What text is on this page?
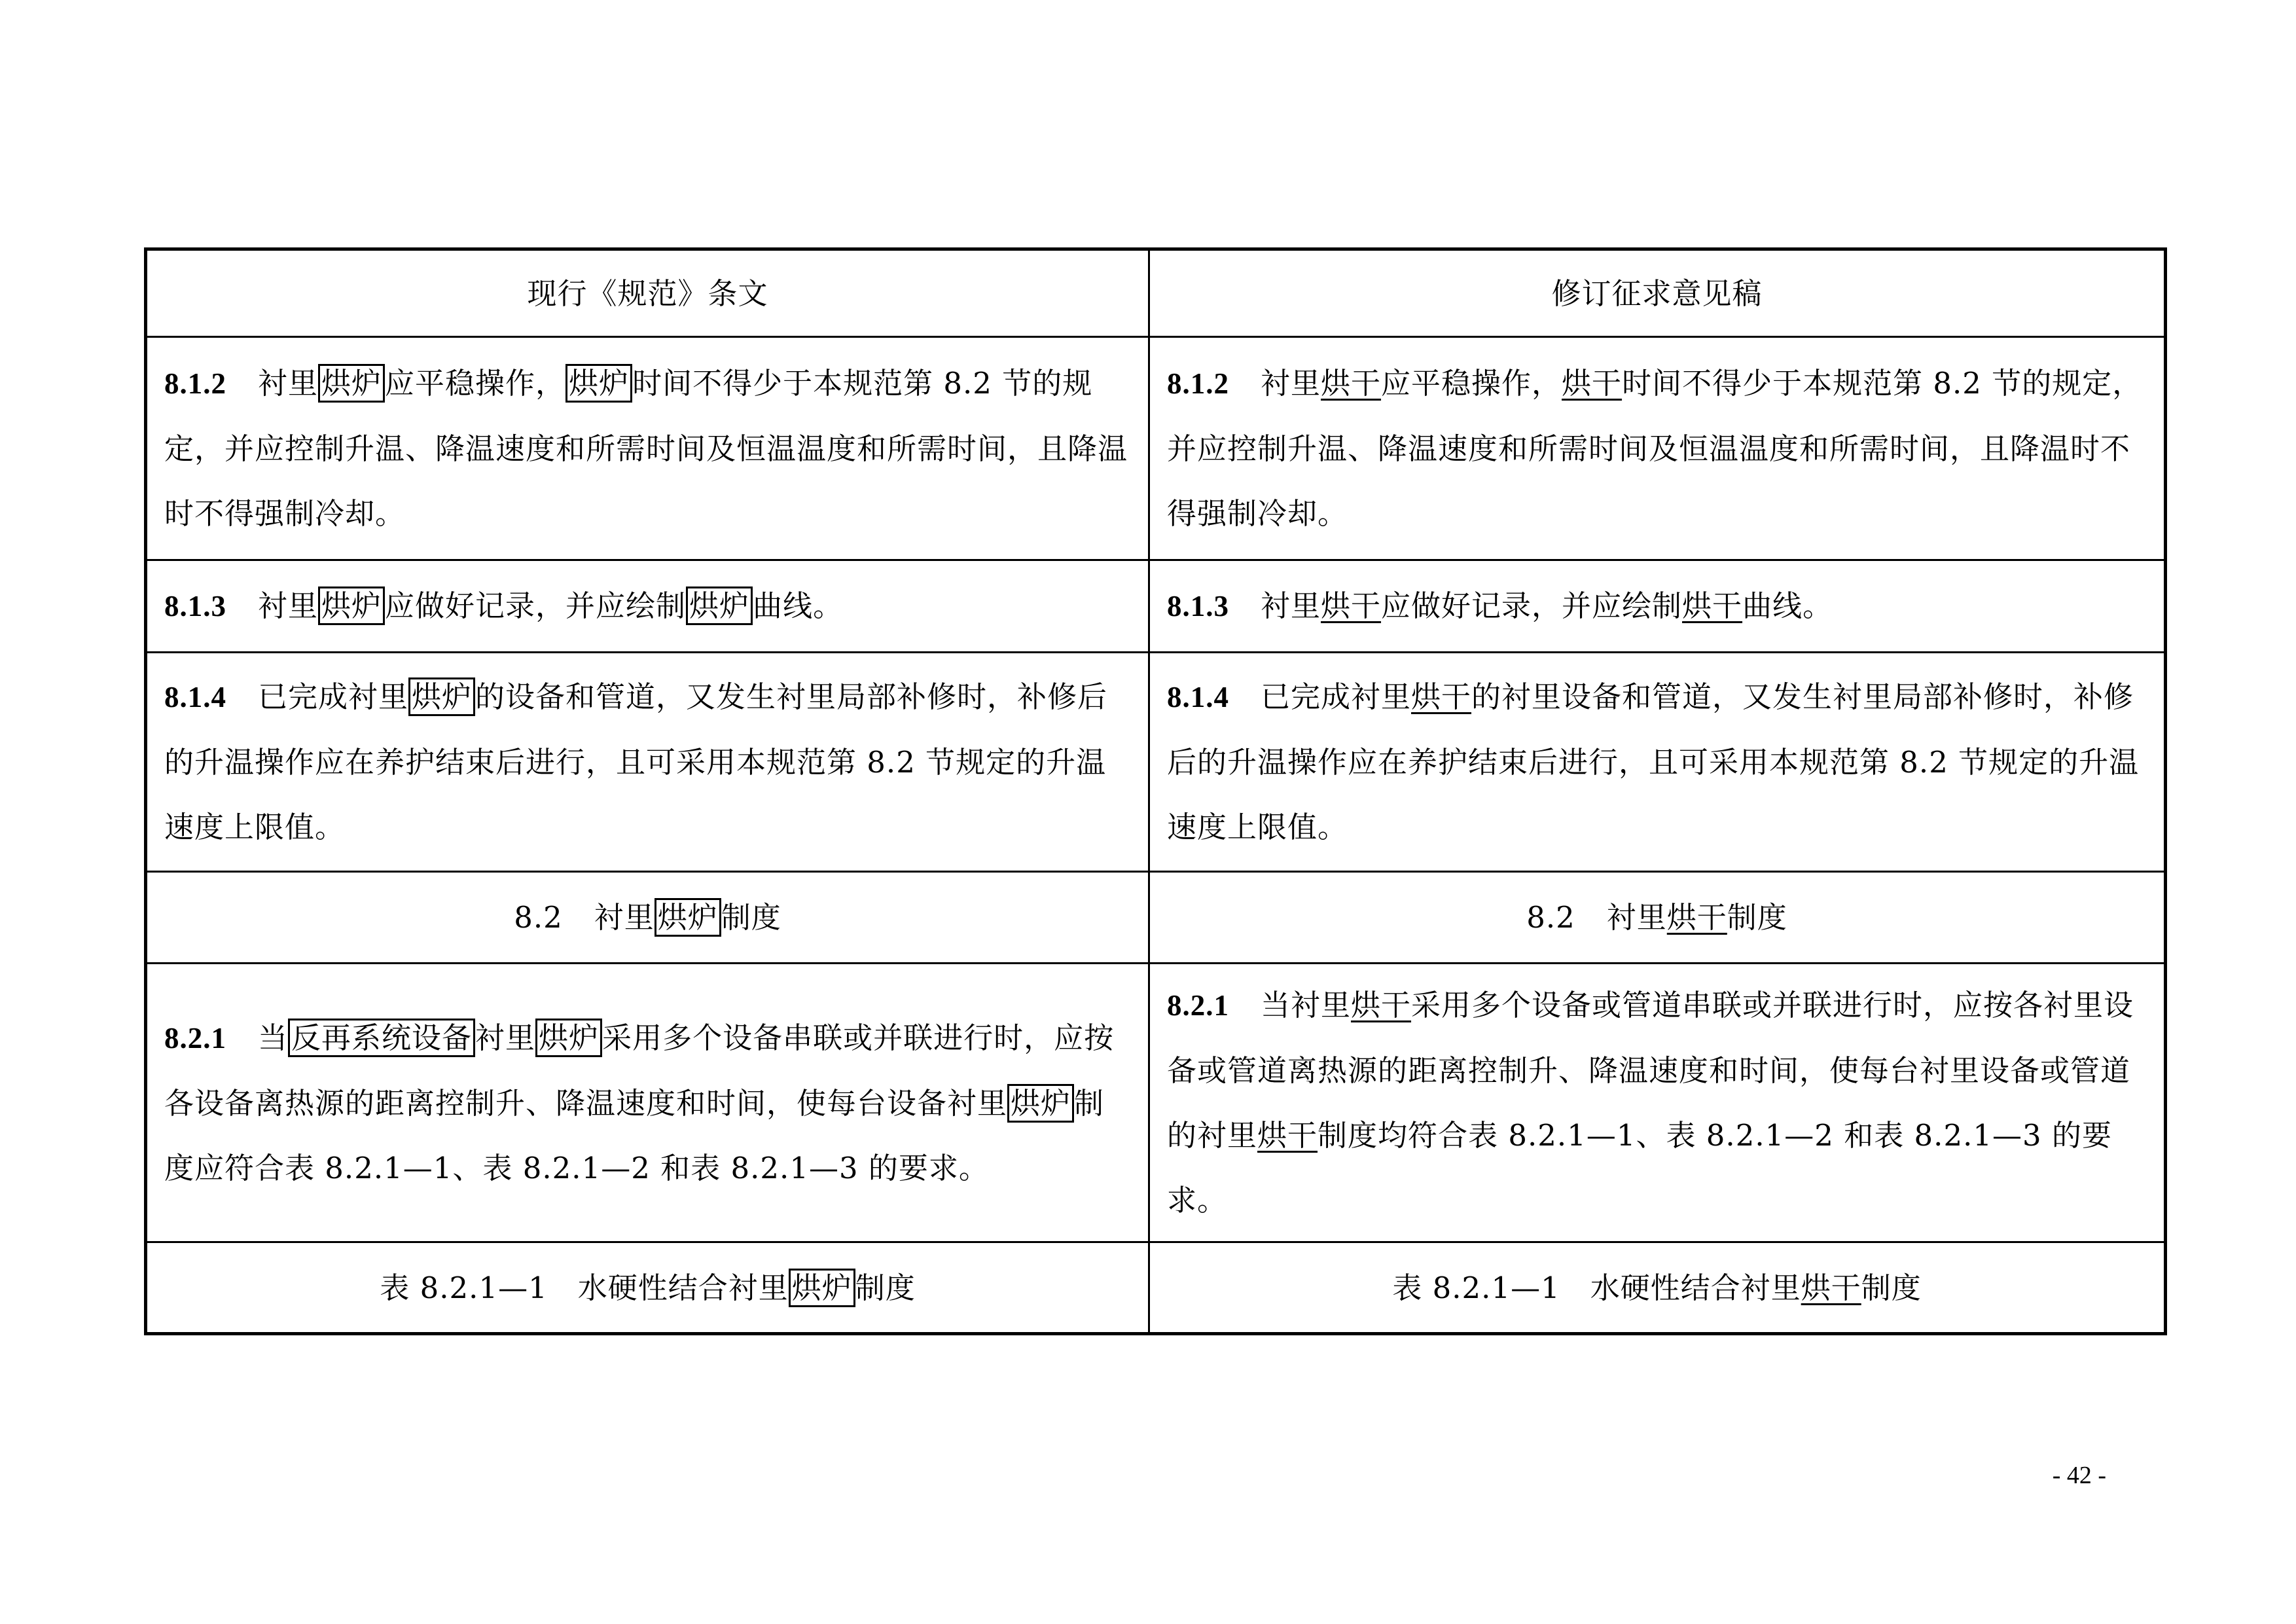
现行《规范》条文	修订征求意见稿
8.1.2 衬里 烘炉 应平稳操作， 烘炉 时间不得少于本规范第 8.2 节的规定，并应控制升温、降温速度和所需时间及恒温温度和所需时间，且降温时不得强制冷却。	8.1.2 衬里烘干应平稳操作，烘干时间不得少于本规范第 8.2 节的规定，并应控制升温、降温速度和所需时间及恒温温度和所需时间，且降温时不得强制冷却。
8.1.3 衬里 烘炉 应做好记录，并应绘制 烘炉 曲线。	8.1.3 衬里烘干应做好记录，并应绘制烘干曲线。
8.1.4 已完成衬里 烘炉 的设备和管道，又发生衬里局部补修时，补修后的升温操作应在养护结束后进行，且可采用本规范第 8.2 节规定的升温速度上限值。	8.1.4 已完成衬里烘干的衬里设备和管道，又发生衬里局部补修时，补修后的升温操作应在养护结束后进行，且可采用本规范第 8.2 节规定的升温速度上限值。
8.2 衬里 烘炉 制度	8.2 衬里烘干制度
8.2.1 当 反再系统设备 衬里 烘炉 采用多个设备串联或并联进行时，应按各设备离热源的距离控制升、降温速度和时间，使每台设备衬里 烘炉 制度应符合表 8.2.1—1、表 8.2.1—2 和表 8.2.1—3 的要求。	8.2.1 当衬里烘干采用多个设备或管道串联或并联进行时，应按各衬里设备或管道离热源的距离控制升、降温速度和时间，使每台衬里设备或管道的衬里烘干制度均符合表 8.2.1—1、表 8.2.1—2 和表 8.2.1—3 的要求。
表 8.2.1—1　水硬性结合衬里 烘炉 制度	表 8.2.1—1　水硬性结合衬里烘干制度
- 42 -
